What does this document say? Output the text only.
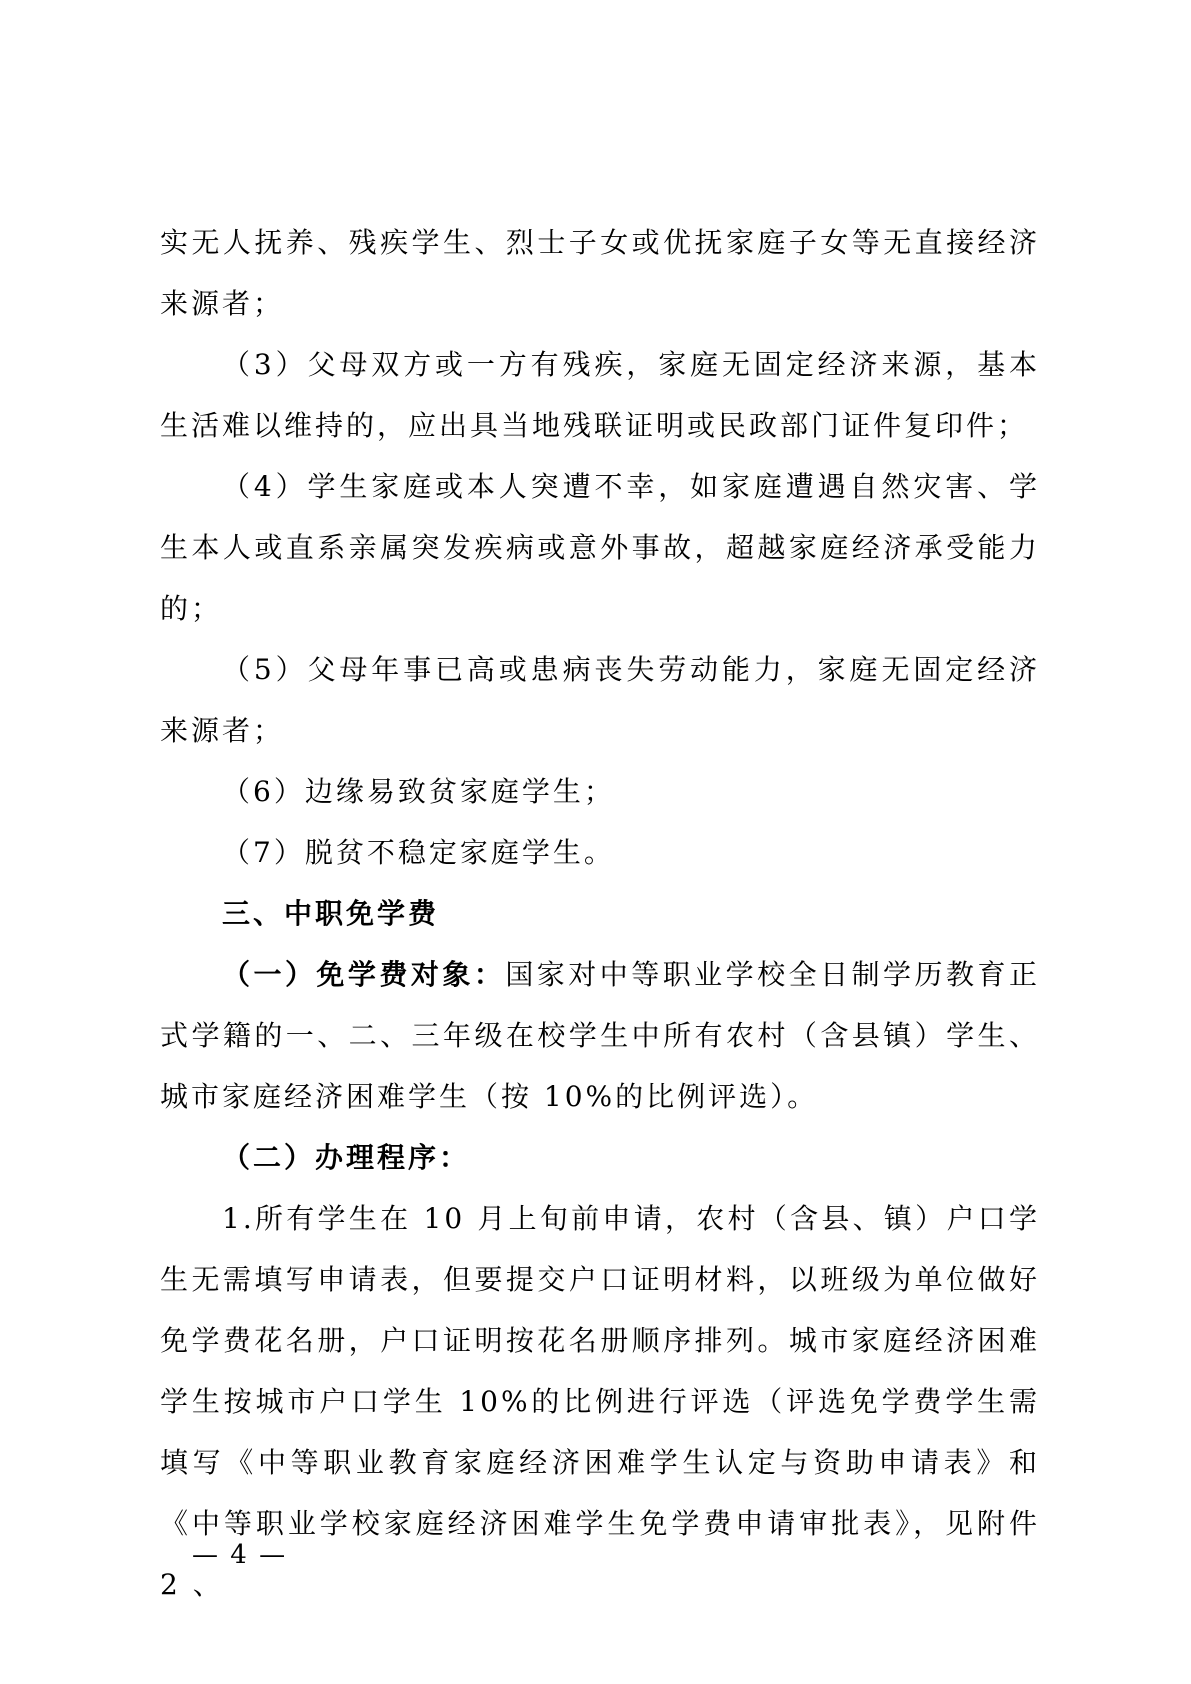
实无人抚养、残疾学生、烈士子女或优抚家庭子女等无直接经济来源者；

（3）父母双方或一方有残疾，家庭无固定经济来源，基本生活难以维持的，应出具当地残联证明或民政部门证件复印件；

（4）学生家庭或本人突遭不幸，如家庭遭遇自然灾害、学生本人或直系亲属突发疾病或意外事故，超越家庭经济承受能力的；

（5）父母年事已高或患病丧失劳动能力，家庭无固定经济来源者；

（6）边缘易致贫家庭学生；

（7）脱贫不稳定家庭学生。

三、中职免学费

（一）免学费对象：国家对中等职业学校全日制学历教育正式学籍的一、二、三年级在校学生中所有农村（含县镇）学生、城市家庭经济困难学生（按 10%的比例评选）。

（二）办理程序：

1.所有学生在 10 月上旬前申请，农村（含县、镇）户口学生无需填写申请表，但要提交户口证明材料，以班级为单位做好免学费花名册，户口证明按花名册顺序排列。城市家庭经济困难学生按城市户口学生 10%的比例进行评选（评选免学费学生需填写《中等职业教育家庭经济困难学生认定与资助申请表》和《中等职业学校家庭经济困难学生免学费申请审批表》，见附件 2 、

— 4 —
